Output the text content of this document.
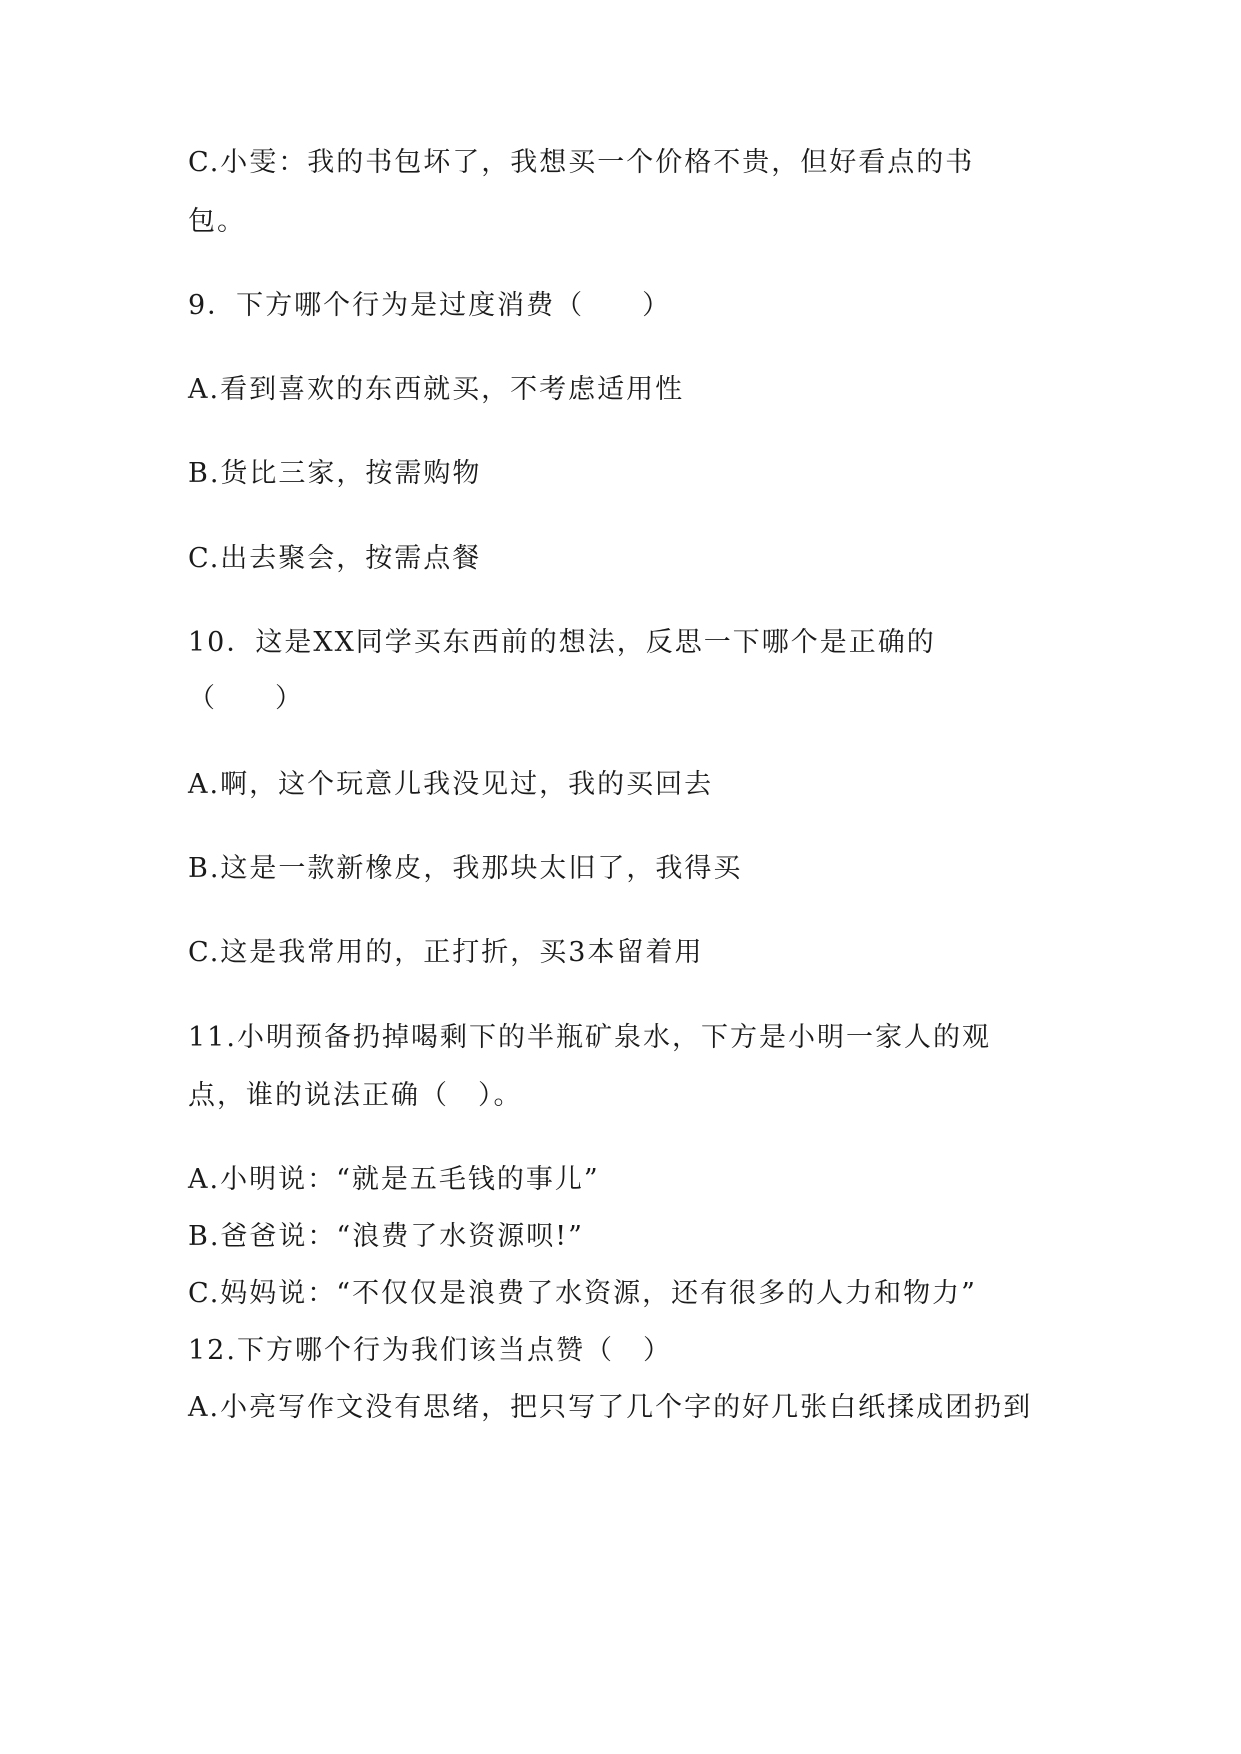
C.小雯：我的书包坏了，我想买一个价格不贵，但好看点的书

包。

9．下方哪个行为是过度消费（　　）

A.看到喜欢的东西就买，不考虑适用性

B.货比三家，按需购物

C.出去聚会，按需点餐

10．这是XX同学买东西前的想法，反思一下哪个是正确的

（　　）

A.啊，这个玩意儿我没见过，我的买回去

B.这是一款新橡皮，我那块太旧了，我得买

C.这是我常用的，正打折，买3本留着用

11.小明预备扔掉喝剩下的半瓶矿泉水，下方是小明一家人的观

点，谁的说法正确（　）。

A.小明说：“就是五毛钱的事儿”

B.爸爸说：“浪费了水资源呗!”

C.妈妈说：“不仅仅是浪费了水资源，还有很多的人力和物力”

12.下方哪个行为我们该当点赞（　）

A.小亮写作文没有思绪，把只写了几个字的好几张白纸揉成团扔到
